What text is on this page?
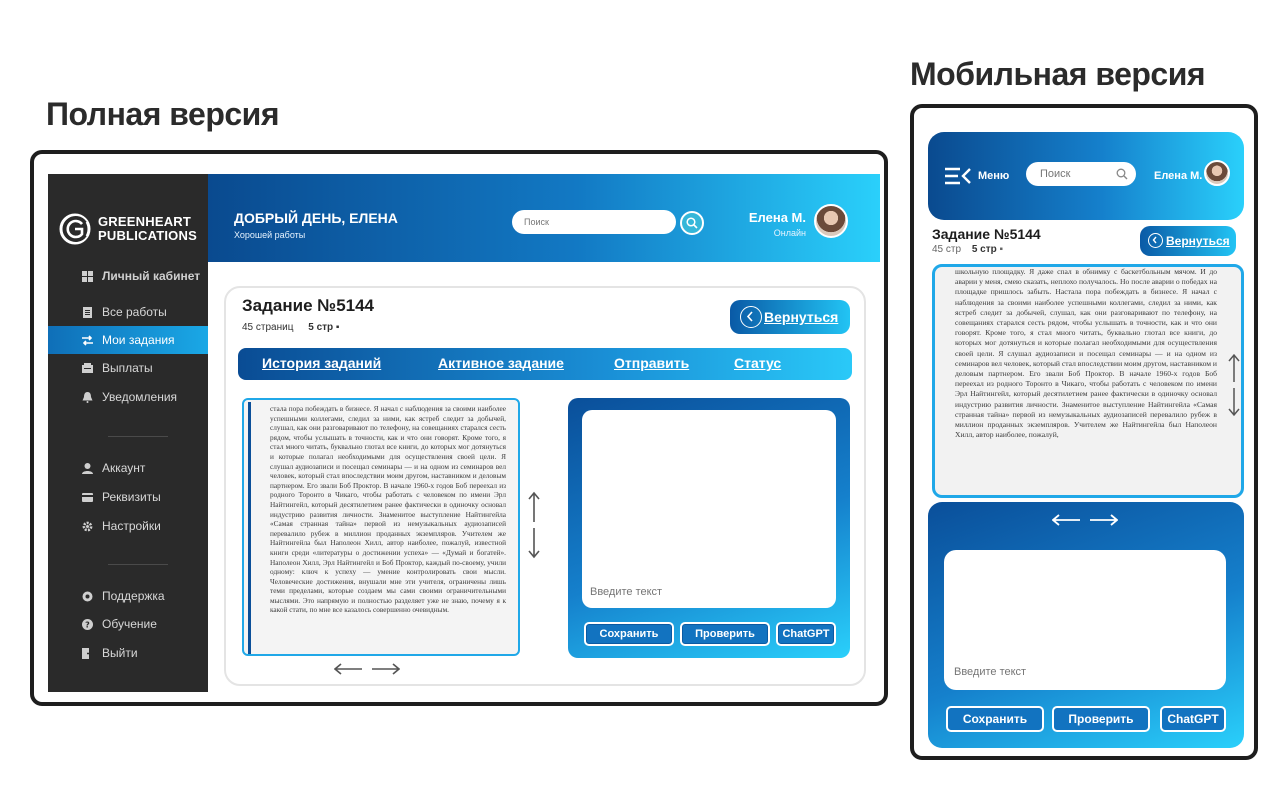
Полная версия
Мобильная версия
GREENHEART
PUBLICATIONS
Личный кабинет
Все работы
Мои задания
Выплаты
Уведомления
Аккаунт
Реквизиты
Настройки
Поддержка
? Обучение
Выйти
ДОБРЫЙ ДЕНЬ, ЕЛЕНА
Хорошей работы
Поиск
Елена М.
Онлайн
Задание №5144
45 страниц 5 стр ▪
Вернуться
История заданий	Активное задание	Отправить	Статус
стала пора побеждать в бизнесе. Я начал с наблюдения за своими наиболее успешными коллегами, следил за ними, как ястреб следит за добычей, слушал, как они разговаривают по телефону, на совещаниях старался сесть рядом, чтобы услышать в точности, как и что они говорят. Кроме того, я стал много читать, буквально глотал все книги, до которых мог дотянуться и которые полагал необходимыми для осуществления своей цели. Я слушал аудиозаписи и посещал семинары — и на одном из семинаров вел человек, который стал впоследствии моим другом, наставником и деловым партнером. Его звали Боб Проктор. В начале 1960-х годов Боб переехал из родного Торонто в Чикаго, чтобы работать с человеком по имени Эрл Найтингейл, который десятилетием ранее фактически в одиночку основал индустрию развития личности. Знаменитое выступление Найтингейла «Самая странная тайна» первой из немузыкальных аудиозаписей перевалило рубеж в миллион проданных экземпляров. Учителем же Найтингейла был Наполеон Хилл, автор наиболее, пожалуй, известной книги среди «литературы о достижении успеха» — «Думай и богатей». Наполеон Хилл, Эрл Найтингейл и Боб Проктор, каждый по-своему, учили одному: ключ к успеху — умение контролировать свои мысли. Человеческие достижения, внушали мне эти учителя, ограничены лишь теми пределами, которые создаем мы сами своими ограничительными мыслями. Это напрямую и полностью разделяет уже не знаю, почему я к какой стати, по мне все казалось совершенно очевидным.
Введите текст
Сохранить	Проверить	ChatGPT
Меню
Поиск	Елена М.
Задание №5144
45 стр 5 стр ▪
Вернуться
школьную площадку. Я даже спал в обнимку с баскетбольным мячом. И до аварии у меня, смею сказать, неплохо получалось. Но после аварии о победах на площадке пришлось забыть. Настала пора побеждать в бизнесе. Я начал с наблюдения за своими наиболее успешными коллегами, следил за ними, как ястреб следит за добычей, слушал, как они разговаривают по телефону, на совещаниях старался сесть рядом, чтобы услышать в точности, как и что они говорят. Кроме того, я стал много читать, буквально глотал все книги, до которых мог дотянуться и которые полагал необходимыми для осуществления своей цели. Я слушал аудиозаписи и посещал семинары — и на одном из семинаров вел человек, который стал впоследствии моим другом, наставником и деловым партнером. Его звали Боб Проктор. В начале 1960-х годов Боб переехал из родного Торонто в Чикаго, чтобы работать с человеком по имени Эрл Найтингейл, который десятилетием ранее фактически в одиночку основал индустрию развития личности. Знаменитое выступление Найтингейла «Самая странная тайна» первой из немузыкальных аудиозаписей перевалило рубеж в миллион проданных экземпляров. Учителем же Найтингейла был Наполеон Хилл, автор наиболее, пожалуй,
Введите текст
Сохранить	Проверить	ChatGPT
